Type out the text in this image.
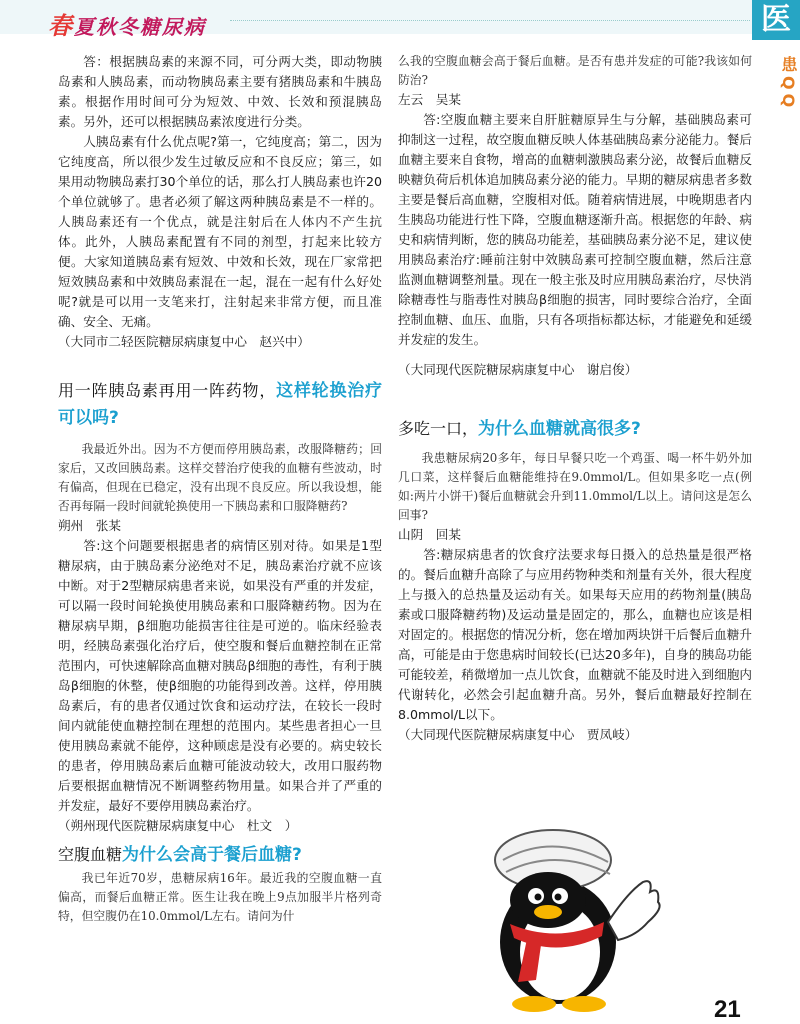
春夏秋冬糖尿病	医
患QQ

答：根据胰岛素的来源不同，可分两大类，即动物胰岛素和人胰岛素，而动物胰岛素主要有猪胰岛素和牛胰岛素。根据作用时间可分为短效、中效、长效和预混胰岛素。另外，还可以根据胰岛素浓度进行分类。

人胰岛素有什么优点呢?第一，它纯度高；第二，因为它纯度高，所以很少发生过敏反应和不良反应；第三，如果用动物胰岛素打30个单位的话，那么打人胰岛素也许20个单位就够了。患者必须了解这两种胰岛素是不一样的。人胰岛素还有一个优点，就是注射后在人体内不产生抗体。此外，人胰岛素配置有不同的剂型，打起来比较方便。大家知道胰岛素有短效、中效和长效，现在厂家常把短效胰岛素和中效胰岛素混在一起，混在一起有什么好处呢?就是可以用一支笔来打，注射起来非常方便，而且准确、安全、无痛。

（大同市二轻医院糖尿病康复中心　赵兴中）

用一阵胰岛素再用一阵药物，这样轮换治疗可以吗?

我最近外出。因为不方便而停用胰岛素，改服降糖药；回家后，又改回胰岛素。这样交替治疗使我的血糖有些波动，时有偏高，但现在已稳定，没有出现不良反应。所以我设想，能否再每隔一段时间就轮换使用一下胰岛素和口服降糖药?

朔州　张某

答:这个问题要根据患者的病情区别对待。如果是1型糖尿病，由于胰岛素分泌绝对不足，胰岛素治疗就不应该中断。对于2型糖尿病患者来说，如果没有严重的并发症，可以隔一段时间轮换使用胰岛素和口服降糖药物。因为在糖尿病早期，β细胞功能损害往往是可逆的。临床经验表明，经胰岛素强化治疗后，使空腹和餐后血糖控制在正常范围内，可快速解除高血糖对胰岛β细胞的毒性，有利于胰岛β细胞的休整，使β细胞的功能得到改善。这样，停用胰岛素后，有的患者仅通过饮食和运动疗法，在较长一段时间内就能使血糖控制在理想的范围内。某些患者担心一旦使用胰岛素就不能停，这种顾虑是没有必要的。病史较长的患者，停用胰岛素后血糖可能波动较大，改用口服药物后要根据血糖情况不断调整药物用量。如果合并了严重的并发症，最好不要停用胰岛素治疗。

（朔州现代医院糖尿病康复中心　杜文　）

空腹血糖为什么会高于餐后血糖?

我已年近70岁，患糖尿病16年。最近我的空腹血糖一直偏高，而餐后血糖正常。医生让我在晚上9点加服半片格列奇特，但空腹仍在10.0mmol/L左右。请问为什

么我的空腹血糖会高于餐后血糖。是否有患并发症的可能?我该如何防治?

左云　吴某

答:空腹血糖主要来自肝脏糖原异生与分解，基础胰岛素可抑制这一过程，故空腹血糖反映人体基础胰岛素分泌能力。餐后血糖主要来自食物，增高的血糖刺激胰岛素分泌，故餐后血糖反映糖负荷后机体追加胰岛素分泌的能力。早期的糖尿病患者多数主要是餐后高血糖，空腹相对低。随着病情进展，中晚期患者内生胰岛功能进行性下降，空腹血糖逐渐升高。根据您的年龄、病史和病情判断，您的胰岛功能差，基础胰岛素分泌不足，建议使用胰岛素治疗:睡前注射中效胰岛素可控制空腹血糖，然后注意监测血糖调整剂量。现在一般主张及时应用胰岛素治疗，尽快消除糖毒性与脂毒性对胰岛β细胞的损害，同时要综合治疗，全面控制血糖、血压、血脂，只有各项指标都达标，才能避免和延缓并发症的发生。

（大同现代医院糖尿病康复中心　谢启俊）

多吃一口，为什么血糖就高很多?

我患糖尿病20多年，每日早餐只吃一个鸡蛋、喝一杯牛奶外加几口菜，这样餐后血糖能维持在9.0mmol/L。但如果多吃一点(例如:两片小饼干)餐后血糖就会升到11.0mmol/L以上。请问这是怎么回事?

山阴　回某

答:糖尿病患者的饮食疗法要求每日摄入的总热量是很严格的。餐后血糖升高除了与应用药物种类和剂量有关外，很大程度上与摄入的总热量及运动有关。如果每天应用的药物剂量(胰岛素或口服降糖药物)及运动量是固定的，那么，血糖也应该是相对固定的。根据您的情况分析，您在增加两块饼干后餐后血糖升高，可能是由于您患病时间较长(已达20多年)，自身的胰岛功能可能较差，稍微增加一点儿饮食，血糖就不能及时进入到细胞内代谢转化，必然会引起血糖升高。另外，餐后血糖最好控制在8.0mmol/L以下。

（大同现代医院糖尿病康复中心　贾凤岐）

21
